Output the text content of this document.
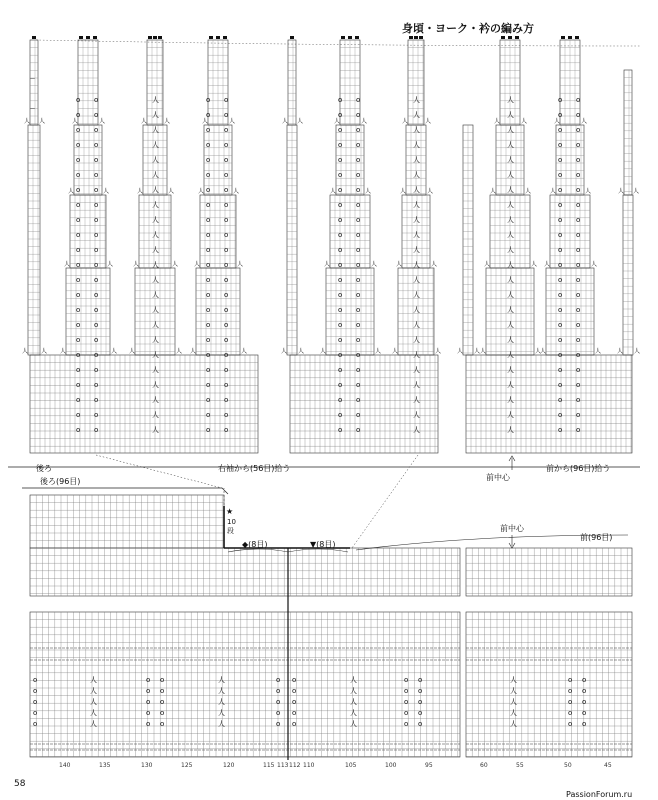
身頃・ヨーク・衿の編み方
人 人
人 人
人	人
人	人
人	人
人	人
o o
o o
o o
o o
o o
o o
o o
o o
o o
o o
o o
o o
o o
o o
o o
o o
o o
o o
o o
o o
o o
o o
o o
人	人
人	人
人	人
人	人
人
人
人
人
人
人
人
人
人
人
人
人
人
人
人
人
人
人
人
人
人
人
人
人	人
人	人
人	人
人	人
o o
o o
o o
o o
o o
o o
o o
o o
o o
o o
o o
o o
o o
o o
o o
o o
o o
o o
o o
o o
o o
o o
o o
人 人
人 人
人	人
人	人
人	人
人	人
o o
o o
o o
o o
o o
o o
o o
o o
o o
o o
o o
o o
o o
o o
o o
o o
o o
o o
o o
o o
o o
o o
o o
人	人
人	人
人	人
人	人
人
人
人
人
人
人
人
人
人
人
人
人
人
人
人
人
人
人
人
人
人
人
人
人 人 人	人
人	人
人	人
人	人
人
人
人
人
人
人
人
人
人
人
人
人
人
人
人
人
人
人
人
人
人
人
人
人	人
人	人
人	人
人	人
o o
o o
o o
o o
o o
o o
o o
o o
o o
o o
o o
o o
o o
o o
o o
o o
o o
o o
o o
o o
o o
o o
o o
人 人
人 人
—
—
o
o
o
o
o
人
人
人
人
人
o
o
o
o
o
o
o
o
o
o
人
人
人
人
人
o
o
o
o
o
o
o
o
o
o
人
人
人
人
人
o
o
o
o
o
o
o
o
o
o
人
人
人
人
人
o
o
o
o
o
o
o
o
o
o
後ろ	右袖から(56目)拾う
前中心
前から(96目)拾う
後ろ(96目)
★
10
段
◆(8目)	▼(8目)
前中心
前(96目)
140	135	130	125	120	115 113 112 110	105	100	95	60	55	50	45
58
PassionForum.ru
